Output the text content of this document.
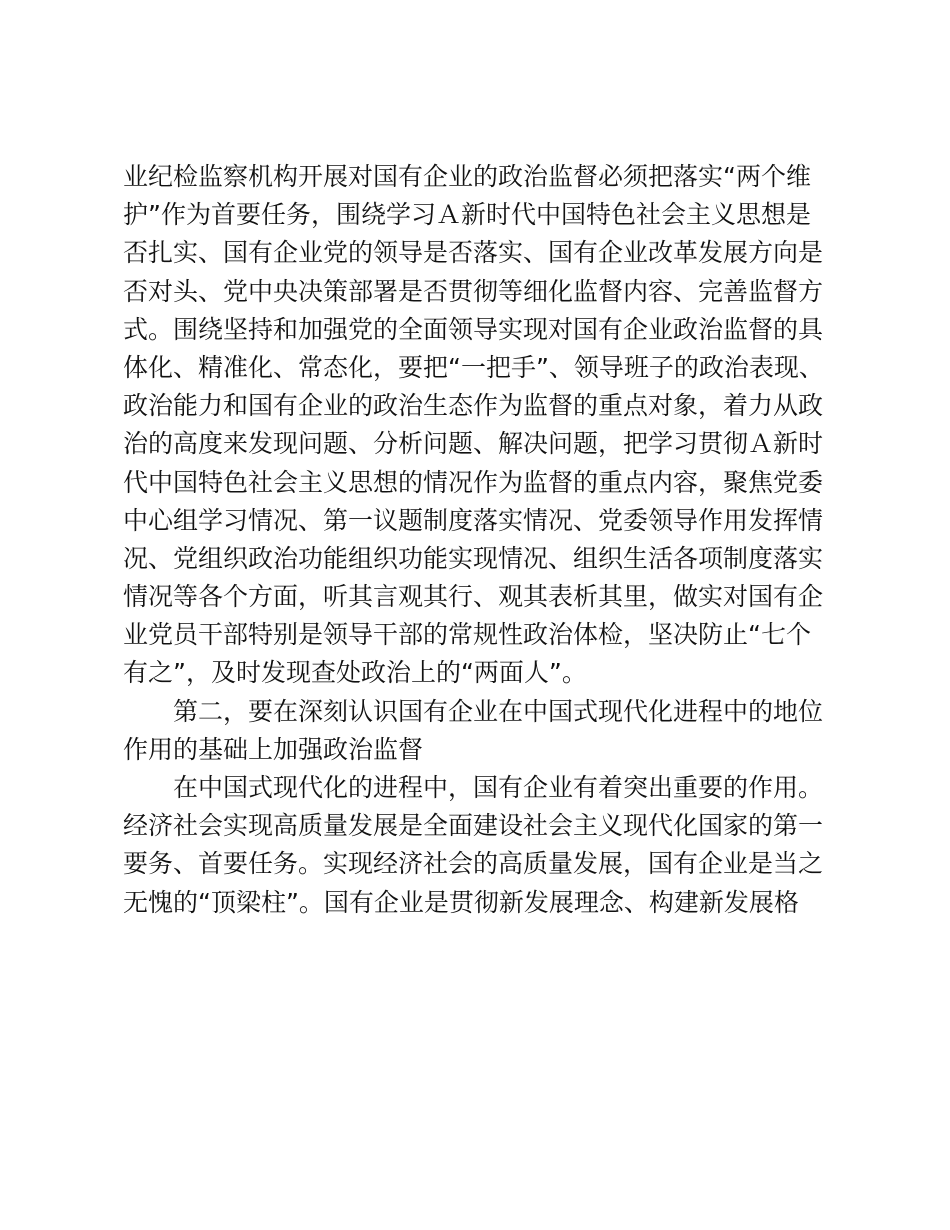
业纪检监察机构开展对国有企业的政治监督必须把落实“两个维
护”作为首要任务，围绕学习Ａ新时代中国特色社会主义思想是
否扎实、国有企业党的领导是否落实、国有企业改革发展方向是
否对头、党中央决策部署是否贯彻等细化监督内容、完善监督方
式。围绕坚持和加强党的全面领导实现对国有企业政治监督的具
体化、精准化、常态化，要把“一把手”、领导班子的政治表现、
政治能力和国有企业的政治生态作为监督的重点对象，着力从政
治的高度来发现问题、分析问题、解决问题，把学习贯彻Ａ新时
代中国特色社会主义思想的情况作为监督的重点内容，聚焦党委
中心组学习情况、第一议题制度落实情况、党委领导作用发挥情
况、党组织政治功能组织功能实现情况、组织生活各项制度落实
情况等各个方面，听其言观其行、观其表析其里，做实对国有企
业党员干部特别是领导干部的常规性政治体检，坚决防止“七个
有之”，及时发现查处政治上的“两面人”。
第二，要在深刻认识国有企业在中国式现代化进程中的地位
作用的基础上加强政治监督
在中国式现代化的进程中，国有企业有着突出重要的作用。
经济社会实现高质量发展是全面建设社会主义现代化国家的第一
要务、首要任务。实现经济社会的高质量发展，国有企业是当之
无愧的“顶梁柱”。国有企业是贯彻新发展理念、构建新发展格
